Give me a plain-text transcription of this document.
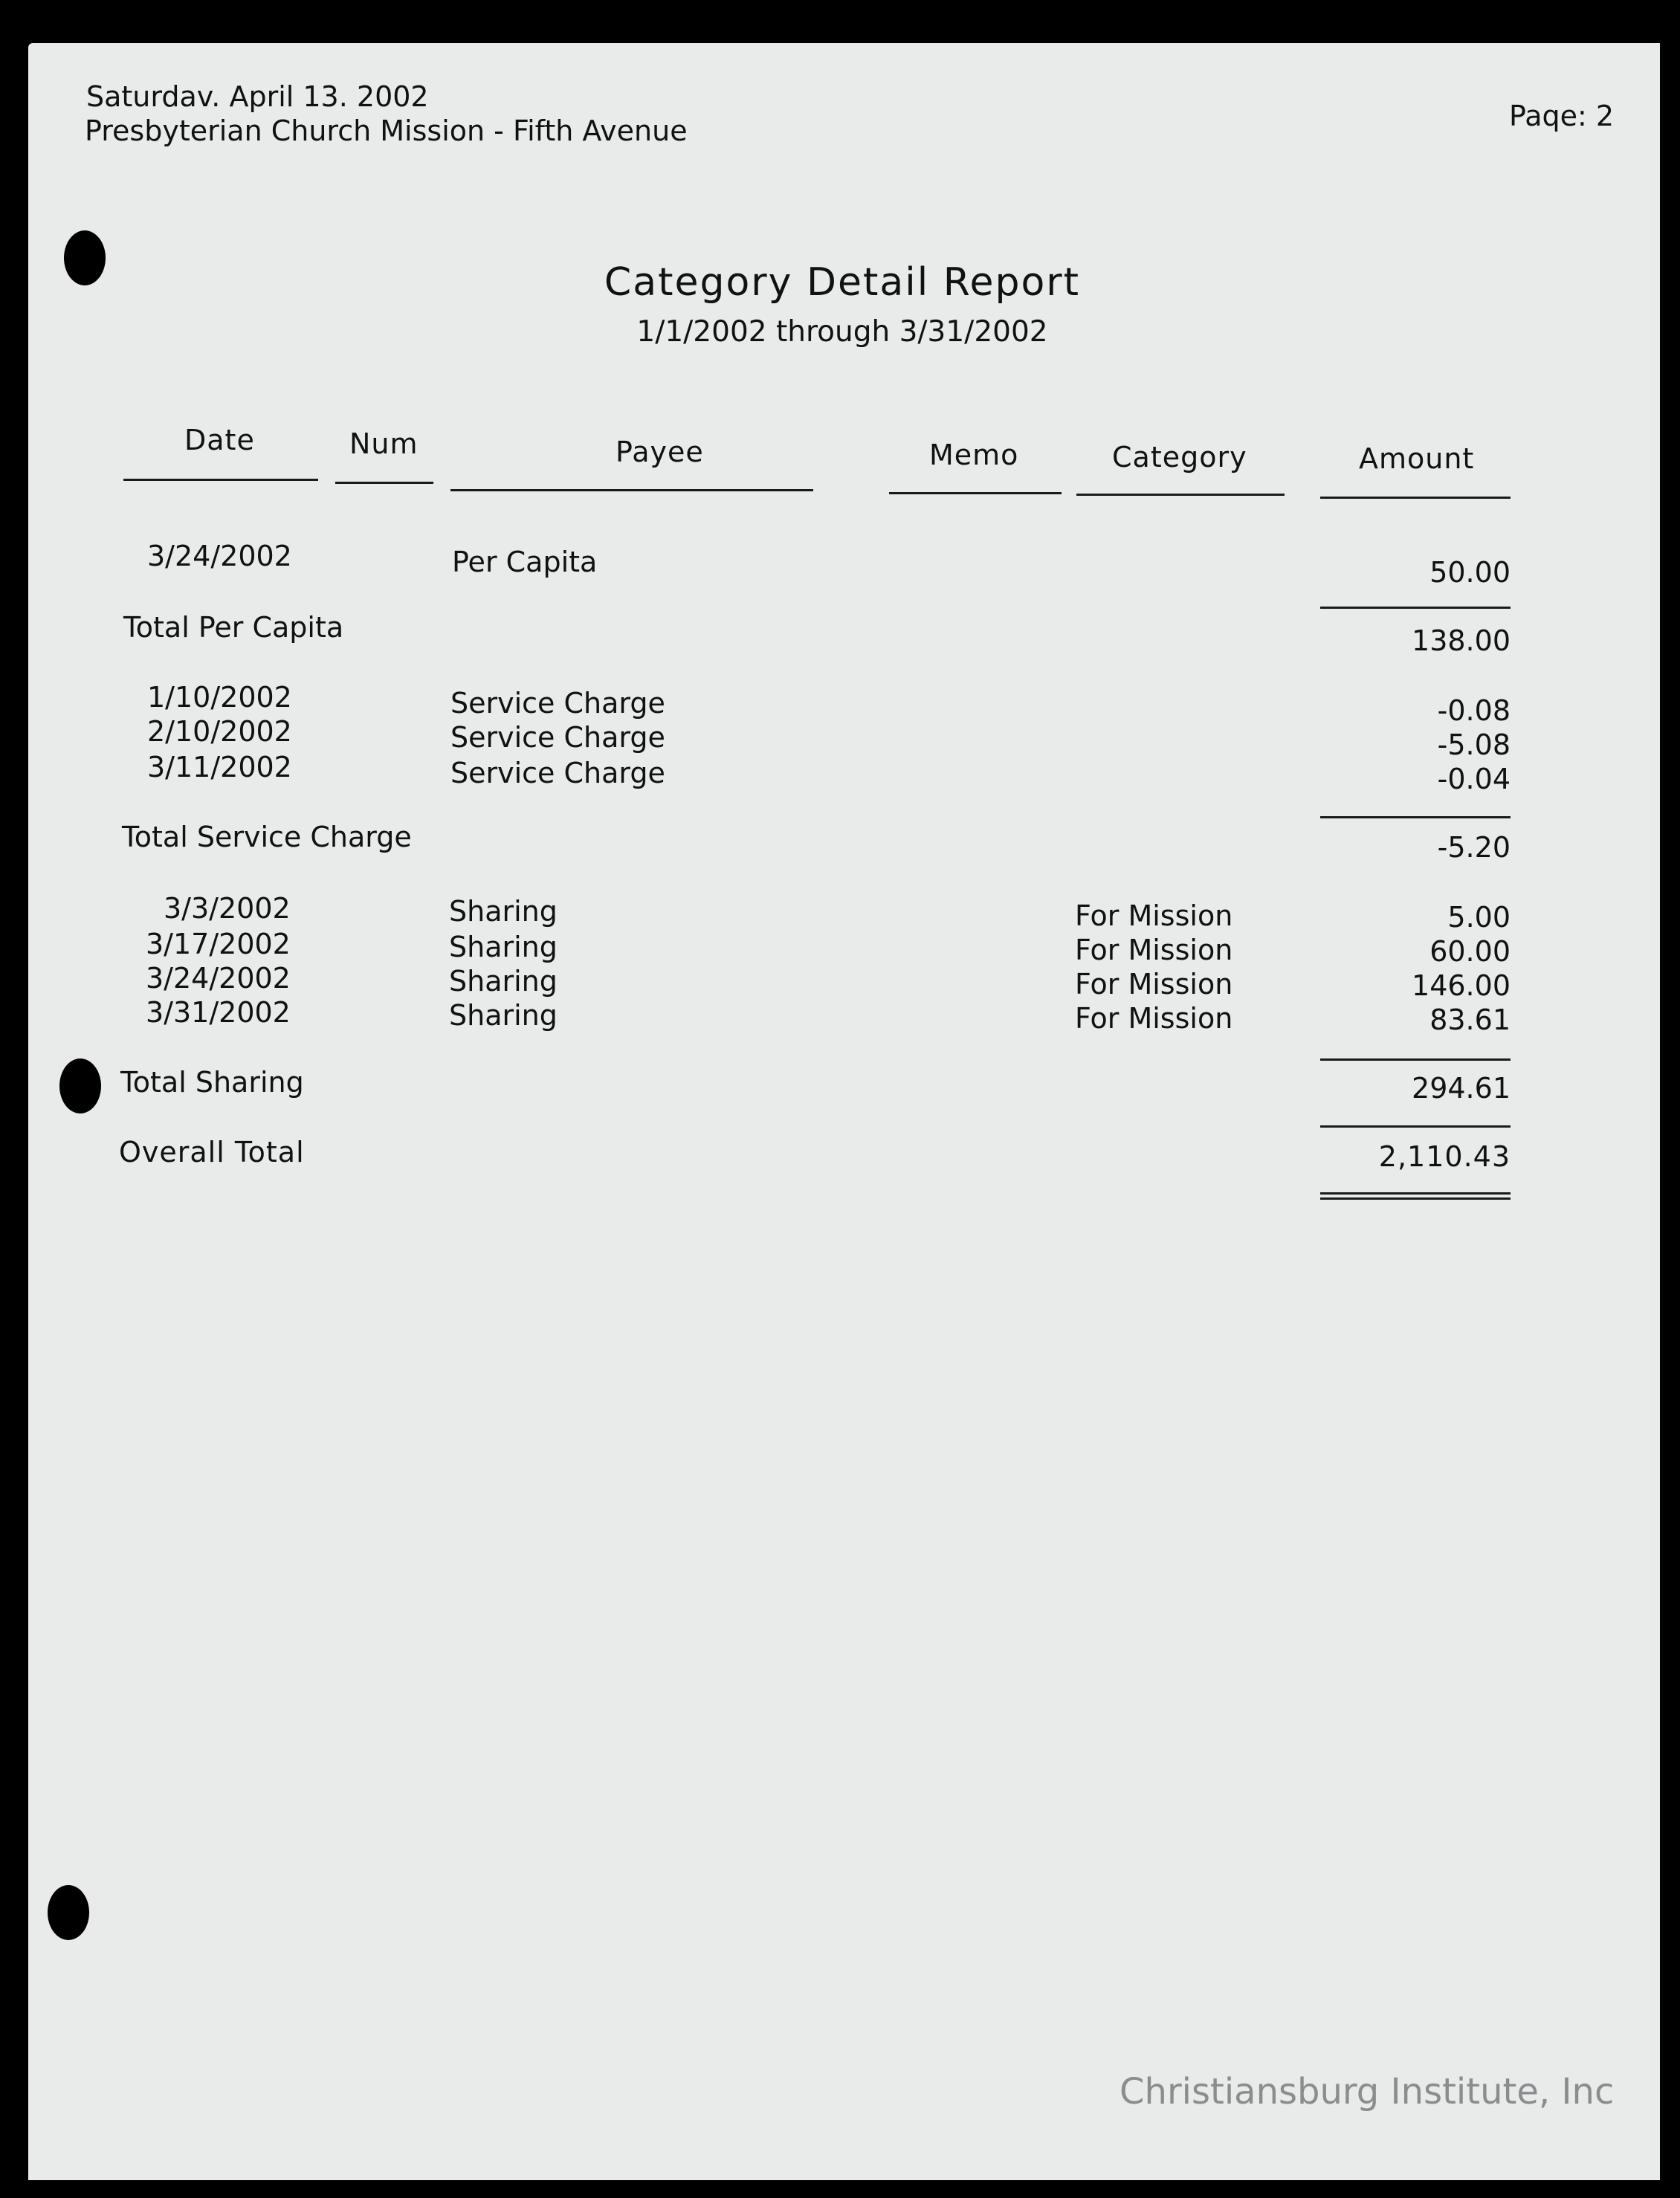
Saturdav. April 13. 2002
Presbyterian Church Mission - Fifth Avenue	Paqe: 2
Category Detail Report
1/1/2002 through 3/31/2002
Date	Num	Payee	Memo	Category	Amount
3/24/2002	Per Capita	50.00
Total Per Capita	138.00
1/10/2002	Service Charge	-0.08
2/10/2002	Service Charge	-5.08
3/11/2002	Service Charge	-0.04
Total Service Charge	-5.20
3/3/2002	Sharing	For Mission	5.00
3/17/2002	Sharing	For Mission	60.00
3/24/2002	Sharing	For Mission	146.00
3/31/2002	Sharing	For Mission	83.61
Total Sharing	294.61
Overall Total	2,110.43
Christiansburg Institute, Inc
